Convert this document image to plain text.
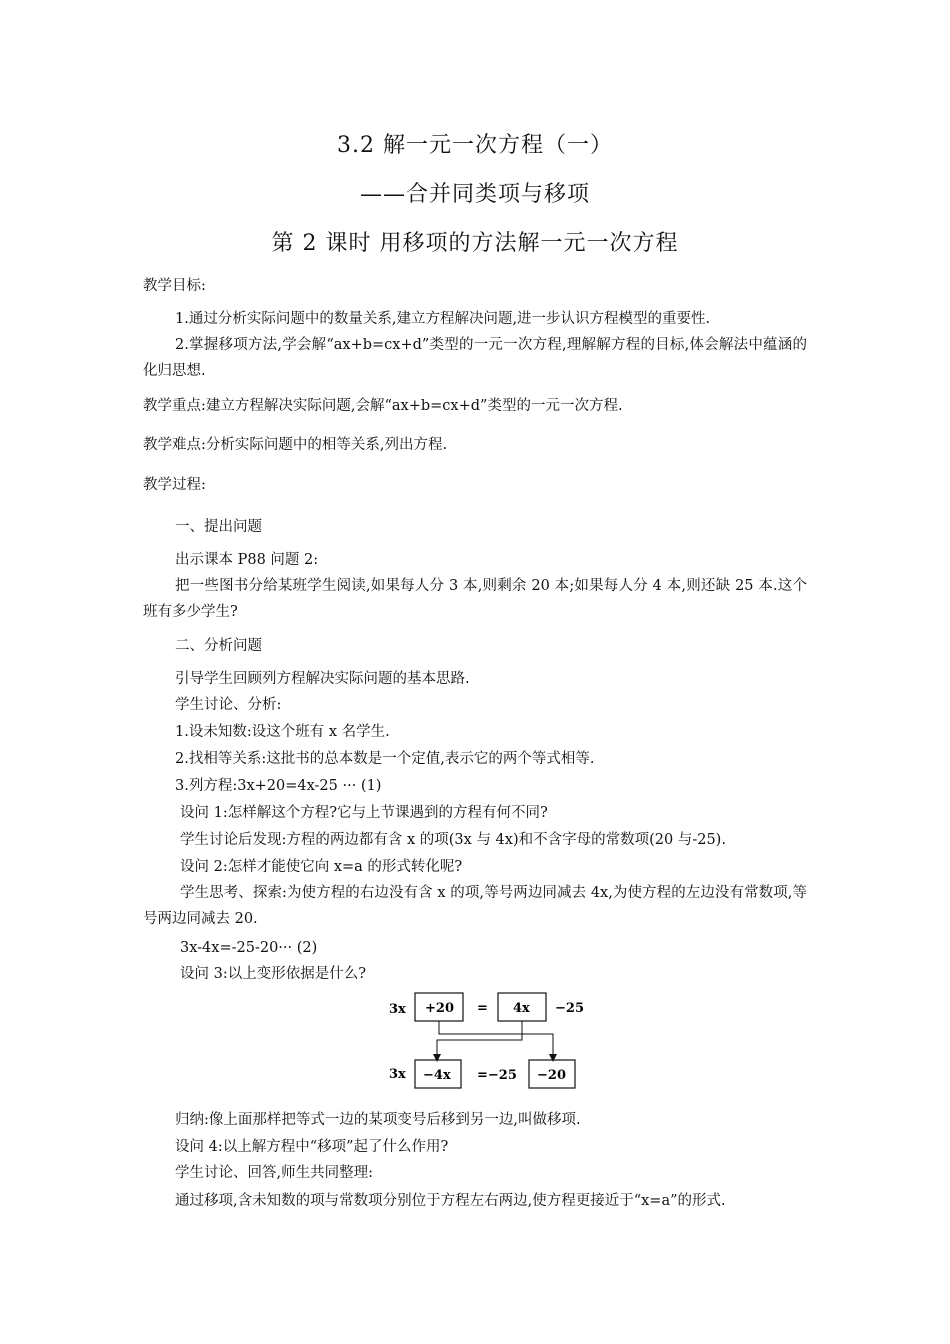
3.2 解一元一次方程（一）
——合并同类项与移项
第 2 课时 用移项的方法解一元一次方程
教学目标:
1.通过分析实际问题中的数量关系,建立方程解决问题,进一步认识方程模型的重要性.
2.掌握移项方法,学会解“ax+b=cx+d”类型的一元一次方程,理解解方程的目标,体会解法中蕴涵的化归思想.
教学重点:建立方程解决实际问题,会解“ax+b=cx+d”类型的一元一次方程.
教学难点:分析实际问题中的相等关系,列出方程.
教学过程:
一、提出问题
出示课本 P88 问题 2:
把一些图书分给某班学生阅读,如果每人分 3 本,则剩余 20 本;如果每人分 4 本,则还缺 25 本.这个班有多少学生?
二、分析问题
引导学生回顾列方程解决实际问题的基本思路.
学生讨论、分析:
1.设未知数:设这个班有 x 名学生.
2.找相等关系:这批书的总本数是一个定值,表示它的两个等式相等.
3.列方程:3x+20=4x-25 ··· (1)
设问 1:怎样解这个方程?它与上节课遇到的方程有何不同?
学生讨论后发现:方程的两边都有含 x 的项(3x 与 4x)和不含字母的常数项(20 与-25).
设问 2:怎样才能使它向 x=a 的形式转化呢?
学生思考、探索:为使方程的右边没有含 x 的项,等号两边同减去 4x,为使方程的左边没有常数项,等号两边同减去 20.
3x-4x=-25-20··· (2)
设问 3:以上变形依据是什么?
3x +20 = 4x −25
3x −4x =−25 −20
归纳:像上面那样把等式一边的某项变号后移到另一边,叫做移项.
设问 4:以上解方程中“移项”起了什么作用?
学生讨论、回答,师生共同整理:
通过移项,含未知数的项与常数项分别位于方程左右两边,使方程更接近于“x=a”的形式.
